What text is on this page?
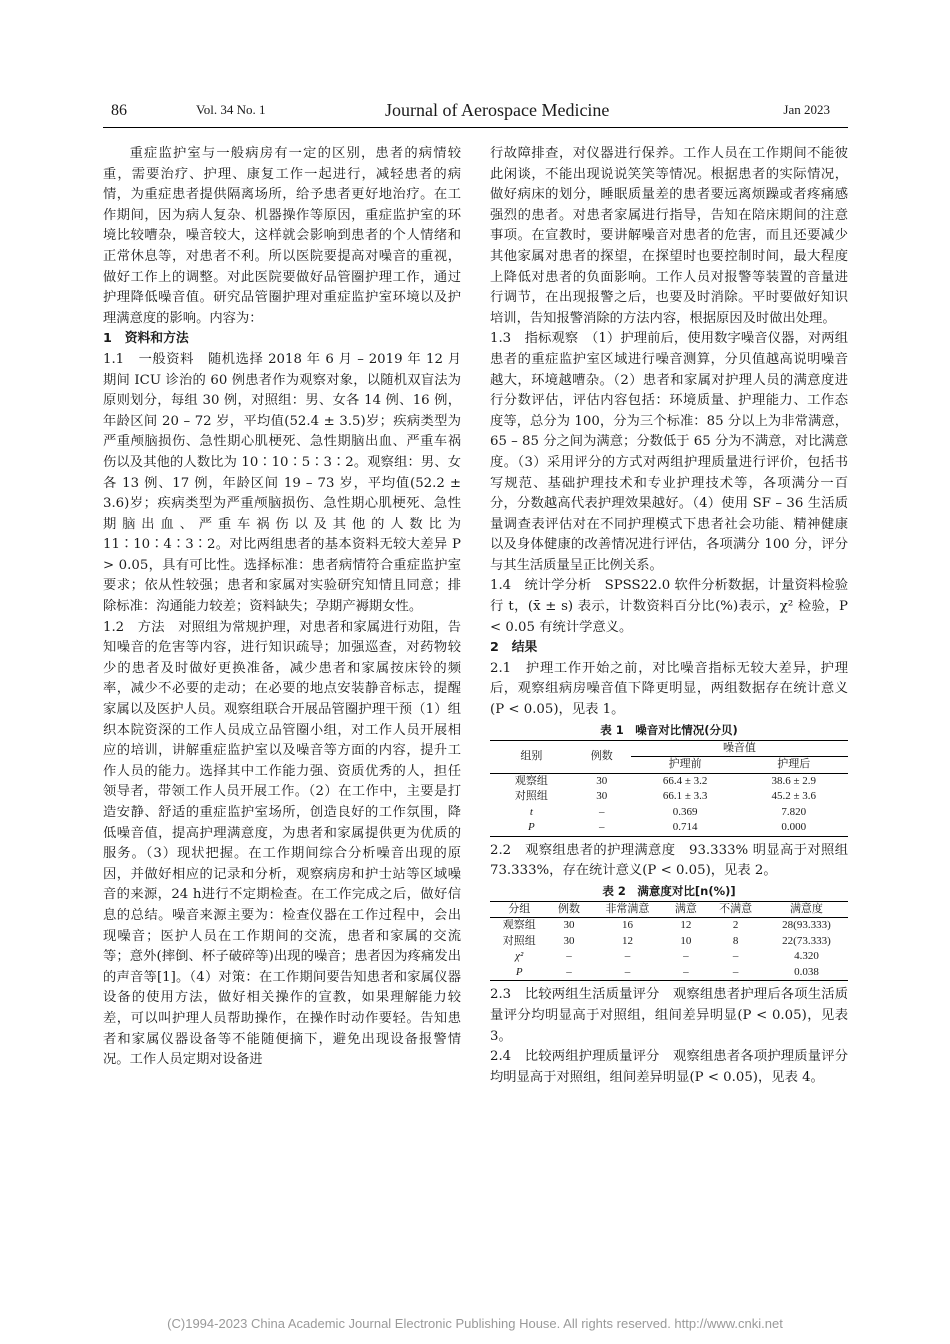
86	Vol. 34 No. 1	Journal of Aerospace Medicine	Jan 2023

重症监护室与一般病房有一定的区别，患者的病情较重，需要治疗、护理、康复工作一起进行，减轻患者的病情，为重症患者提供隔离场所，给予患者更好地治疗。在工作期间，因为病人复杂、机器操作等原因，重症监护室的环境比较嘈杂，噪音较大，这样就会影响到患者的个人情绪和正常休息等，对患者不利。所以医院要提高对噪音的重视，做好工作上的调整。对此医院要做好品管圈护理工作，通过护理降低噪音值。研究品管圈护理对重症监护室环境以及护理满意度的影响。内容为：

1　资料和方法

1.1　一般资料　随机选择 2018 年 6 月 – 2019 年 12 月期间 ICU 诊治的 60 例患者作为观察对象，以随机双盲法为原则划分，每组 30 例，对照组：男、女各 14 例、16 例，年龄区间 20 – 72 岁，平均值(52.4 ± 3.5)岁；疾病类型为严重颅脑损伤、急性期心肌梗死、急性期脑出血、严重车祸伤以及其他的人数比为 10∶10∶5∶3∶2。观察组：男、女各 13 例、17 例，年龄区间 19 – 73 岁，平均值(52.2 ± 3.6)岁；疾病类型为严重颅脑损伤、急性期心肌梗死、急性期脑出血、严重车祸伤以及其他的人数比为 11∶10∶4∶3∶2。对比两组患者的基本资料无较大差异 P > 0.05，具有可比性。选择标准：患者病情符合重症监护室要求；依从性较强；患者和家属对实验研究知情且同意；排除标准：沟通能力较差；资料缺失；孕期产褥期女性。

1.2　方法　对照组为常规护理，对患者和家属进行劝阻，告知噪音的危害等内容，进行知识疏导；加强巡查，对药物较少的患者及时做好更换准备，减少患者和家属按床铃的频率，减少不必要的走动；在必要的地点安装静音标志，提醒家属以及医护人员。观察组联合开展品管圈护理干预（1）组织本院资深的工作人员成立品管圈小组，对工作人员开展相应的培训，讲解重症监护室以及噪音等方面的内容，提升工作人员的能力。选择其中工作能力强、资质优秀的人，担任领导者，带领工作人员开展工作。（2）在工作中，主要是打造安静、舒适的重症监护室场所，创造良好的工作氛围，降低噪音值，提高护理满意度，为患者和家属提供更为优质的服务。（3）现状把握。在工作期间综合分析噪音出现的原因，并做好相应的记录和分析，观察病房和护士站等区域噪音的来源，24 h进行不定期检查。在工作完成之后，做好信息的总结。噪音来源主要为：检查仪器在工作过程中，会出现噪音；医护人员在工作期间的交流，患者和家属的交流等；意外(摔倒、杯子破碎等)出现的噪音；患者因为疼痛发出的声音等[1]。（4）对策：在工作期间要告知患者和家属仪器设备的使用方法，做好相关操作的宣教，如果理解能力较差，可以叫护理人员帮助操作，在操作时动作要轻。告知患者和家属仪器设备等不能随便摘下，避免出现设备报警情况。工作人员定期对设备进

行故障排查，对仪器进行保养。工作人员在工作期间不能彼此闲谈，不能出现说说笑笑等情况。根据患者的实际情况，做好病床的划分，睡眠质量差的患者要远离烦躁或者疼痛感强烈的患者。对患者家属进行指导，告知在陪床期间的注意事项。在宣教时，要讲解噪音对患者的危害，而且还要减少其他家属对患者的探望，在探望时也要控制时间，最大程度上降低对患者的负面影响。工作人员对报警等装置的音量进行调节，在出现报警之后，也要及时消除。平时要做好知识培训，告知报警消除的方法内容，根据原因及时做出处理。

1.3　指标观察　（1）护理前后，使用数字噪音仪器，对两组患者的重症监护室区域进行噪音测算，分贝值越高说明噪音越大，环境越嘈杂。（2）患者和家属对护理人员的满意度进行分数评估，评估内容包括：环境质量、护理能力、工作态度等，总分为 100，分为三个标准：85 分以上为非常满意，65 – 85 分之间为满意；分数低于 65 分为不满意，对比满意度。（3）采用评分的方式对两组护理质量进行评价，包括书写规范、基础护理技术和专业护理技术等，各项满分一百分，分数越高代表护理效果越好。（4）使用 SF – 36 生活质量调查表评估对在不同护理模式下患者社会功能、精神健康以及身体健康的改善情况进行评估，各项满分 100 分，评分与其生活质量呈正比例关系。

1.4　统计学分析　SPSS22.0 软件分析数据，计量资料检验行 t，(x̄ ± s) 表示，计数资料百分比(%)表示，χ² 检验，P < 0.05 有统计学意义。

2　结果

2.1　护理工作开始之前，对比噪音指标无较大差异，护理后，观察组病房噪音值下降更明显，两组数据存在统计意义(P < 0.05)，见表 1。

表 1　噪音对比情况(分贝)
组别	例数	噪音值	
		护理前	护理后
观察组	30	66.4 ± 3.2	38.6 ± 2.9
对照组	30	66.1 ± 3.3	45.2 ± 3.6
t	–	0.369	7.820
P	–	0.714	0.000

2.2　观察组患者的护理满意度　93.333% 明显高于对照组 73.333%，存在统计意义(P < 0.05)，见表 2。

表 2　满意度对比[n(%)]
分组	例数	非常满意	满意	不满意	满意度
观察组	30	16	12	2	28(93.333)
对照组	30	12	10	8	22(73.333)
χ²	–	–	–	–	4.320
P	–	–	–	–	0.038

2.3　比较两组生活质量评分　观察组患者护理后各项生活质量评分均明显高于对照组，组间差异明显(P < 0.05)，见表 3。

2.4　比较两组护理质量评分　观察组患者各项护理质量评分均明显高于对照组，组间差异明显(P < 0.05)，见表 4。

(C)1994-2023 China Academic Journal Electronic Publishing House. All rights reserved. http://www.cnki.net
